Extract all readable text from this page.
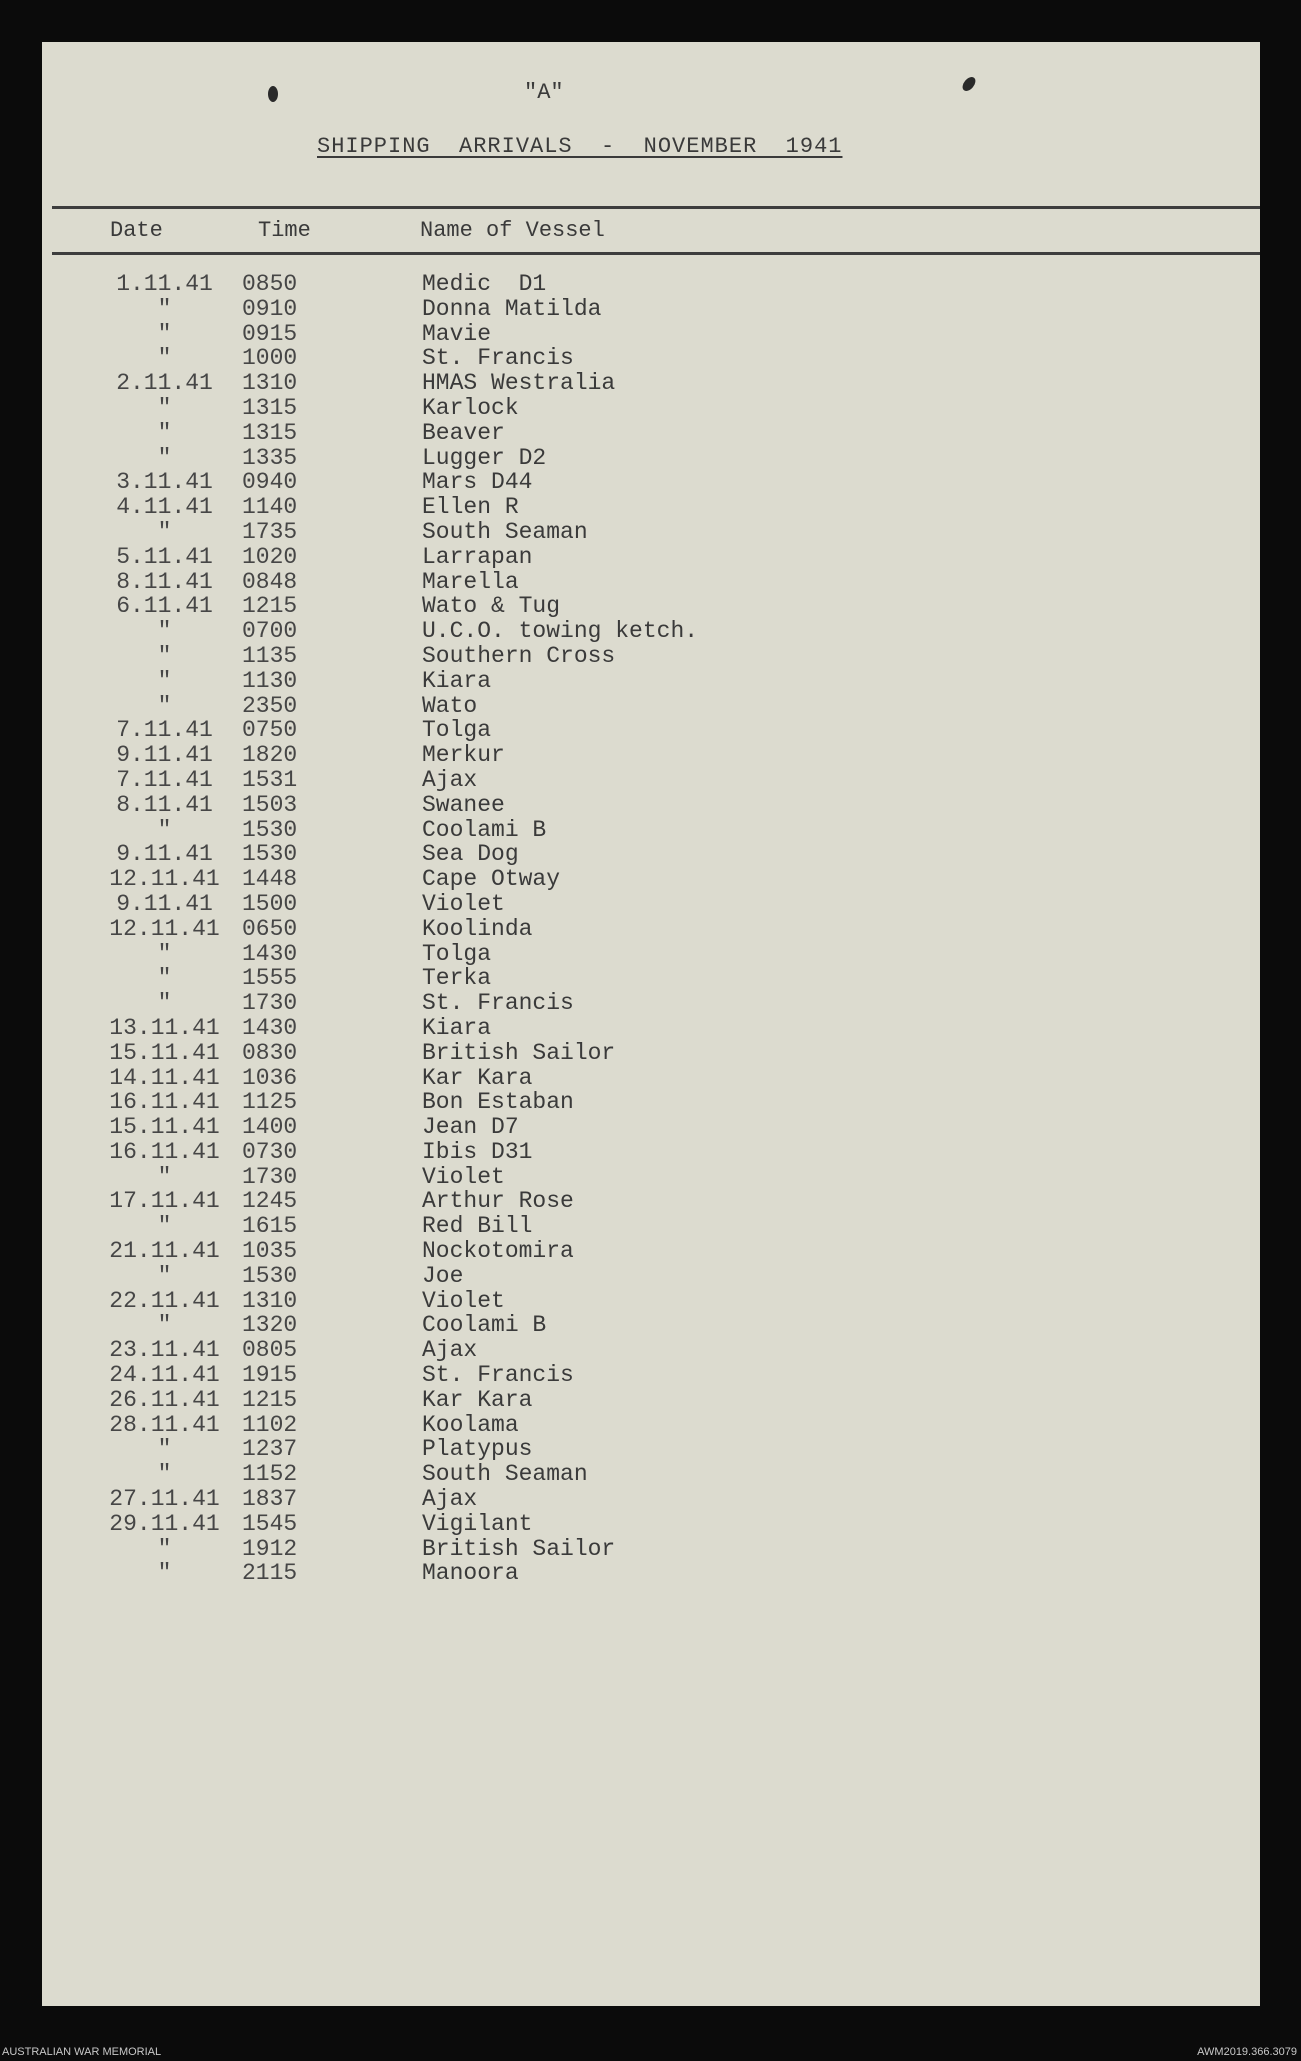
"A"
SHIPPING  ARRIVALS  -  NOVEMBER  1941
Date	Time	Name of Vessel
1.11.41	0850	Medic  D1
"	0910	Donna Matilda
"	0915	Mavie
"	1000	St. Francis
2.11.41	1310	HMAS Westralia
"	1315	Karlock
"	1315	Beaver
"	1335	Lugger D2
3.11.41	0940	Mars D44
4.11.41	1140	Ellen R
"	1735	South Seaman
5.11.41	1020	Larrapan
8.11.41	0848	Marella
6.11.41	1215	Wato & Tug
"	0700	U.C.O. towing ketch.
"	1135	Southern Cross
"	1130	Kiara
"	2350	Wato
7.11.41	0750	Tolga
9.11.41	1820	Merkur
7.11.41	1531	Ajax
8.11.41	1503	Swanee
"	1530	Coolami B
9.11.41	1530	Sea Dog
12.11.41 1448	Cape Otway
9.11.41	1500	Violet
12.11.41 0650	Koolinda
"	1430	Tolga
"	1555	Terka
"	1730	St. Francis
13.11.41 1430	Kiara
15.11.41 0830	British Sailor
14.11.41 1036	Kar Kara
16.11.41 1125	Bon Estaban
15.11.41 1400	Jean D7
16.11.41 0730	Ibis D31
"	1730	Violet
17.11.41 1245	Arthur Rose
"	1615	Red Bill
21.11.41 1035	Nockotomira
"	1530	Joe
22.11.41 1310	Violet
"	1320	Coolami B
23.11.41 0805	Ajax
24.11.41 1915	St. Francis
26.11.41 1215	Kar Kara
28.11.41 1102	Koolama
"	1237	Platypus
"	1152	South Seaman
27.11.41 1837	Ajax
29.11.41 1545	Vigilant
"	1912	British Sailor
"	2115	Manoora
AUSTRALIAN WAR MEMORIAL	AWM2019.366.3079
